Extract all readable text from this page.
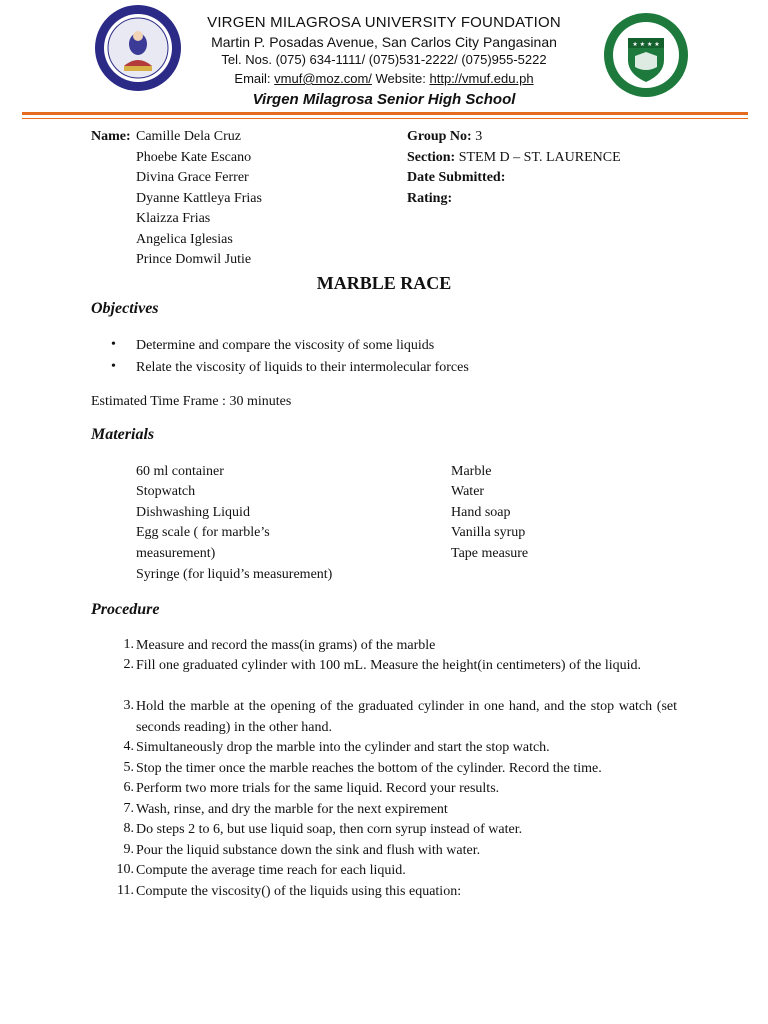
★ ★ ★ ★
VIRGEN MILAGROSA UNIVERSITY FOUNDATION
Martin P. Posadas Avenue, San Carlos City Pangasinan
Tel. Nos. (075) 634-1111/ (075)531-2222/ (075)955-5222
Email: vmuf@moz.com/ Website: http://vmuf.edu.ph
Virgen Milagrosa Senior High School
Name: Camille Dela Cruz
Phoebe Kate Escano
Divina Grace Ferrer
Dyanne Kattleya Frias
Klaizza Frias
Angelica Iglesias
Prince Domwil Jutie
Group No: 3
Section: STEM D – ST. LAURENCE
Date Submitted:
Rating:
MARBLE RACE
Objectives
•	Determine and compare the viscosity of some liquids
•	Relate the viscosity of liquids to their intermolecular forces
Estimated Time Frame : 30 minutes
Materials
60 ml container
Stopwatch
Dishwashing Liquid
Egg scale ( for marble’s
measurement)
Syringe (for liquid’s measurement)
Marble
Water
Hand soap
Vanilla syrup
Tape measure
Procedure
1. Measure and record the mass(in grams) of the marble
2. Fill one graduated cylinder with 100 mL. Measure the height(in centimeters) of the liquid.
3. Hold the marble at the opening of the graduated cylinder in one hand, and the stop watch (set seconds reading) in the other hand.
4. Simultaneously drop the marble into the cylinder and start the stop watch.
5. Stop the timer once the marble reaches the bottom of the cylinder. Record the time.
6. Perform two more trials for the same liquid. Record your results.
7. Wash, rinse, and dry the marble for the next expirement
8. Do steps 2 to 6, but use liquid soap, then corn syrup instead of water.
9. Pour the liquid substance down the sink and flush with water.
10. Compute the average time reach for each liquid.
11. Compute the viscosity() of the liquids using this equation:
